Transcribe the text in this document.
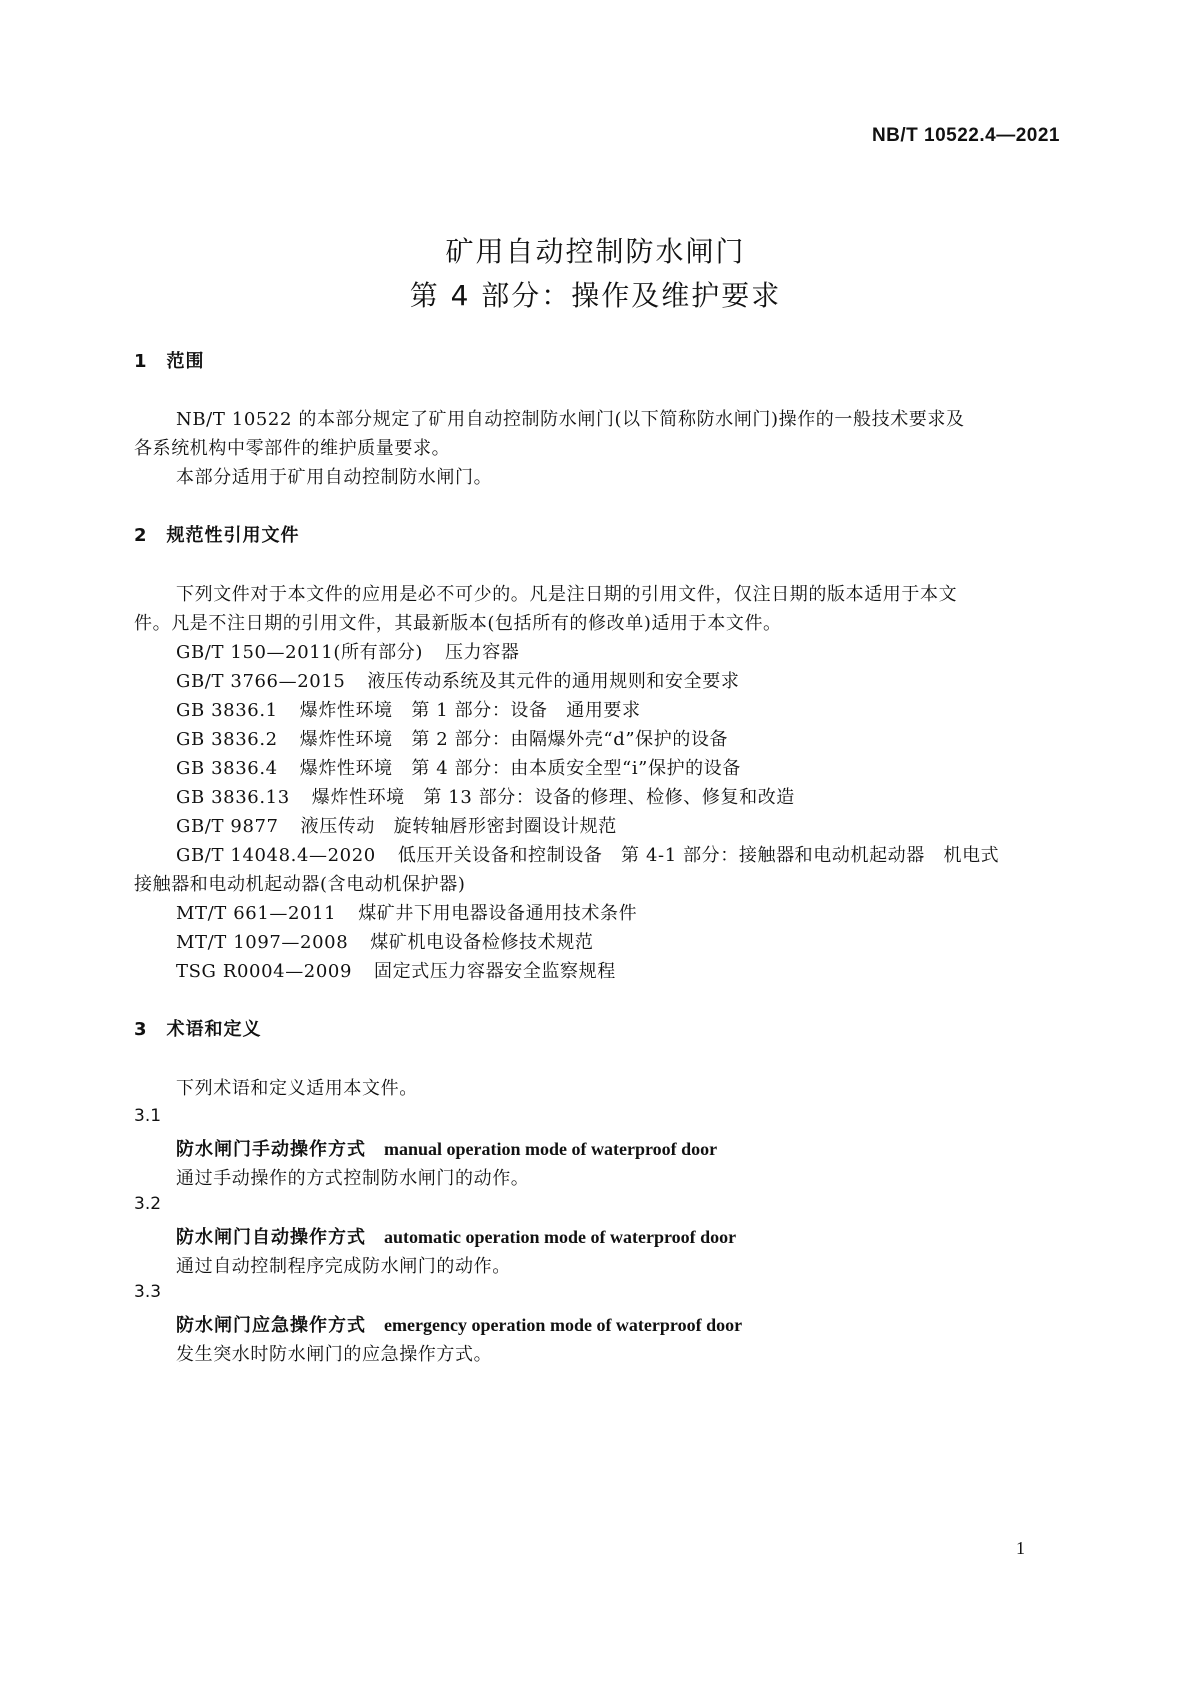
NB/T 10522.4—2021
矿用自动控制防水闸门
第 4 部分：操作及维护要求
1　范围
NB/T 10522 的本部分规定了矿用自动控制防水闸门(以下简称防水闸门)操作的一般技术要求及
各系统机构中零部件的维护质量要求。
本部分适用于矿用自动控制防水闸门。
2　规范性引用文件
下列文件对于本文件的应用是必不可少的。凡是注日期的引用文件，仅注日期的版本适用于本文
件。凡是不注日期的引用文件，其最新版本(包括所有的修改单)适用于本文件。
GB/T 150—2011(所有部分) 压力容器
GB/T 3766—2015 液压传动系统及其元件的通用规则和安全要求
GB 3836.1 爆炸性环境　第 1 部分：设备　通用要求
GB 3836.2 爆炸性环境　第 2 部分：由隔爆外壳“d”保护的设备
GB 3836.4 爆炸性环境　第 4 部分：由本质安全型“i”保护的设备
GB 3836.13 爆炸性环境　第 13 部分：设备的修理、检修、修复和改造
GB/T 9877 液压传动　旋转轴唇形密封圈设计规范
GB/T 14048.4—2020 低压开关设备和控制设备　第 4-1 部分：接触器和电动机起动器　机电式
接触器和电动机起动器(含电动机保护器)
MT/T 661—2011 煤矿井下用电器设备通用技术条件
MT/T 1097—2008 煤矿机电设备检修技术规范
TSG R0004—2009 固定式压力容器安全监察规程
3　术语和定义
下列术语和定义适用本文件。
3.1
防水闸门手动操作方式 manual operation mode of waterproof door
通过手动操作的方式控制防水闸门的动作。
3.2
防水闸门自动操作方式 automatic operation mode of waterproof door
通过自动控制程序完成防水闸门的动作。
3.3
防水闸门应急操作方式 emergency operation mode of waterproof door
发生突水时防水闸门的应急操作方式。
1
